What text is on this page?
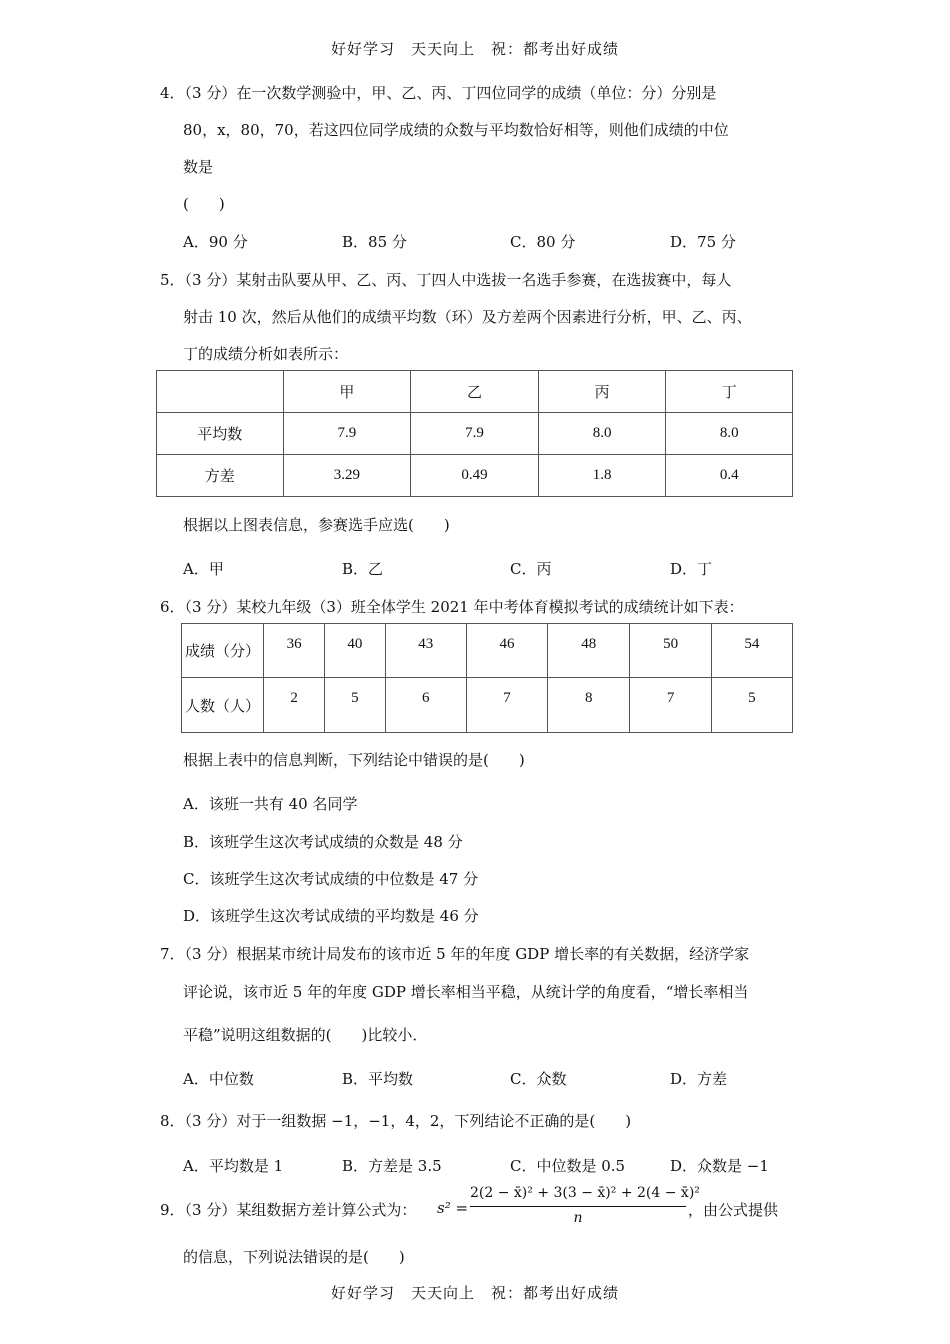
好好学习　天天向上　祝：都考出好成绩
4．（3 分）在一次数学测验中，甲、乙、丙、丁四位同学的成绩（单位：分）分别是
80，x，80，70，若这四位同学成绩的众数与平均数恰好相等，则他们成绩的中位
数是
(　　)
A．90 分	B．85 分	C．80 分	D．75 分
5．（3 分）某射击队要从甲、乙、丙、丁四人中选拔一名选手参赛，在选拔赛中，每人
射击 10 次，然后从他们的成绩平均数（环）及方差两个因素进行分析，甲、乙、丙、
丁的成绩分析如表所示：
	甲	乙	丙	丁
平均数	7.9	7.9	8.0	8.0
方差	3.29	0.49	1.8	0.4
根据以上图表信息，参赛选手应选(　　)
A．甲	B．乙	C．丙	D．丁
6．（3 分）某校九年级（3）班全体学生 2021 年中考体育模拟考试的成绩统计如下表：
成绩（分）	36	40	43	46	48	50	54
人数（人）	2	5	6	7	8	7	5
根据上表中的信息判断，下列结论中错误的是(　　)
A．该班一共有 40 名同学
B．该班学生这次考试成绩的众数是 48 分
C．该班学生这次考试成绩的中位数是 47 分
D．该班学生这次考试成绩的平均数是 46 分
7．（3 分）根据某市统计局发布的该市近 5 年的年度 GDP 增长率的有关数据，经济学家
评论说，该市近 5 年的年度 GDP 增长率相当平稳，从统计学的角度看，“增长率相当
平稳”说明这组数据的(　　)比较小．
A．中位数	B．平均数	C．众数	D．方差
8．（3 分）对于一组数据 −1，−1，4，2，下列结论不正确的是(　　)
A．平均数是 1	B．方差是 3.5	C．中位数是 0.5	D．众数是 −1
9．（3 分）某组数据方差计算公式为： s² =
2(2 − x̄)² + 3(3 − x̄)² + 2(4 − x̄)²
n	，由公式提供
的信息，下列说法错误的是(　　)
好好学习　天天向上　祝：都考出好成绩
